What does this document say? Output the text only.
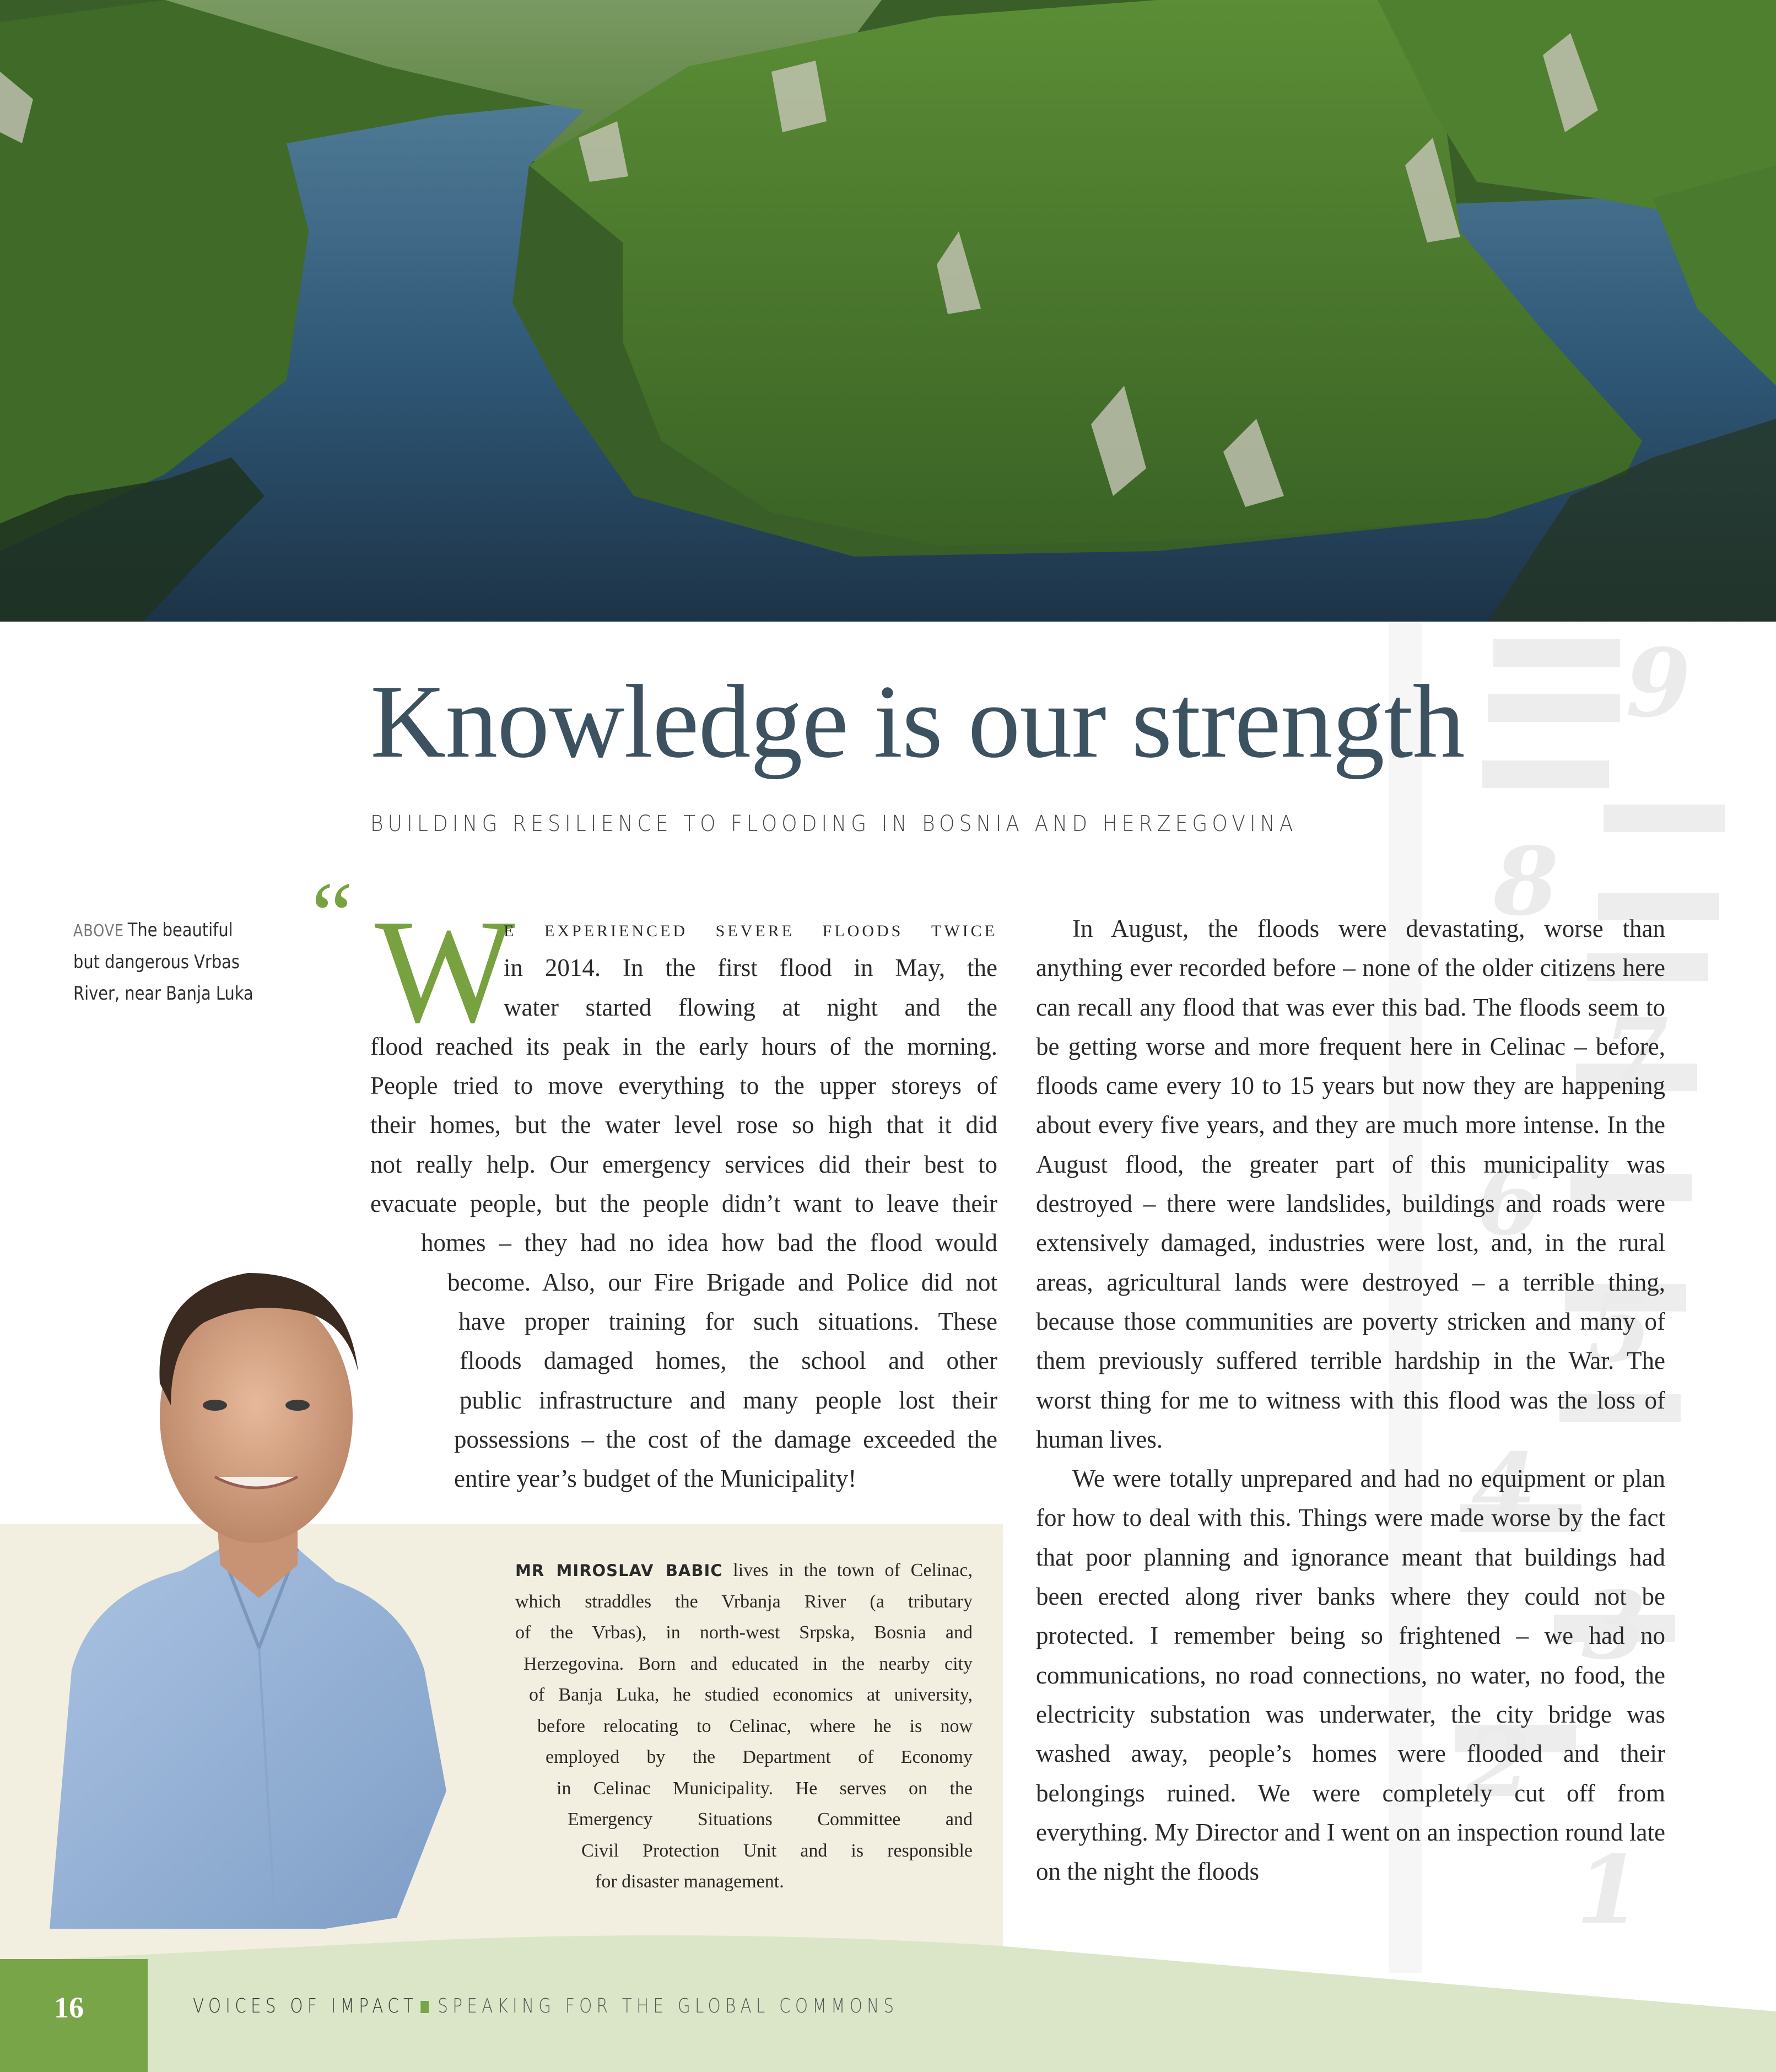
9
8
7
6
5
4
3
2
1
Knowledge is our strength
BUILDING RESILIENCE TO FLOODING IN BOSNIA AND HERZEGOVINA
ABOVE The beautiful but dangerous Vrbas River, near Banja Luka
“ W
e experienced severe floods twice
in 2014. In the first flood in May, the
water started flowing at night and the
flood reached its peak in the early hours of the morning.
People tried to move everything to the upper storeys of
their homes, but the water level rose so high that it did
not really help. Our emergency services did their best to
evacuate people, but the people didn’t want to leave their
homes – they had no idea how bad the flood would
become. Also, our Fire Brigade and Police did not
have proper training for such situations. These
floods damaged homes, the school and other
public infrastructure and many people lost their
possessions – the cost of the damage exceeded the
entire year’s budget of the Municipality!

In August, the floods were devastating, worse than anything ever recorded before – none of the older citizens here can recall any flood that was ever this bad. The floods seem to be getting worse and more frequent here in Celinac – before, floods came every 10 to 15 years but now they are happening about every five years, and they are much more intense. In the August flood, the greater part of this municipality was destroyed – there were landslides, buildings and roads were extensively damaged, industries were lost, and, in the rural areas, agricultural lands were destroyed – a terrible thing, because those communities are poverty stricken and many of them previously suffered terrible hardship in the War. The worst thing for me to witness with this flood was the loss of human lives.

We were totally unprepared and had no equipment or plan for how to deal with this. Things were made worse by the fact that poor planning and ignorance meant that buildings had been erected along river banks where they could not be protected. I remember being so frightened – we had no communications, no road connections, no water, no food, the electricity substation was underwater, the city bridge was washed away, people’s homes were flooded and their belongings ruined. We were completely cut off from everything. My Director and I went on an inspection round late on the night the floods

MR MIROSLAV BABIC lives in the town of Celinac,
which straddles the Vrbanja River (a tributary
of the Vrbas), in north-west Srpska, Bosnia and
Herzegovina. Born and educated in the nearby city
of Banja Luka, he studied economics at university,
before relocating to Celinac, where he is now
employed by the Department of Economy
in Celinac Municipality. He serves on the
Emergency Situations Committee and
Civil Protection Unit and is responsible
for disaster management.
16	VOICES OF IMPACT SPEAKING FOR THE GLOBAL COMMONS
